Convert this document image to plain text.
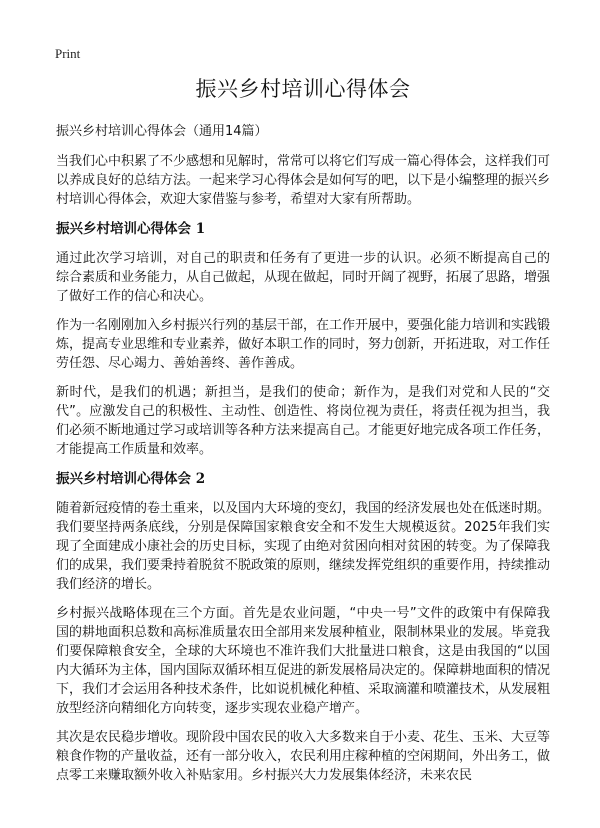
Print
振兴乡村培训心得体会
振兴乡村培训心得体会（通用14篇）

当我们心中积累了不少感想和见解时，常常可以将它们写成一篇心得体会，这样我们可以养成良好的总结方法。一起来学习心得体会是如何写的吧，以下是小编整理的振兴乡村培训心得体会，欢迎大家借鉴与参考，希望对大家有所帮助。

振兴乡村培训心得体会 1

通过此次学习培训，对自己的职责和任务有了更进一步的认识。必须不断提高自己的 综合素质和业务能力，从自己做起，从现在做起，同时开阔了视野，拓展了思路，增强了做好工作的信心和决心。

作为一名刚刚加入乡村振兴行列的基层干部，在工作开展中，要强化能力培训和实践锻炼，提高专业思维和专业素养，做好本职工作的同时，努力创新，开拓进取，对工作任劳任怨、尽心竭力、善始善终、善作善成。

新时代，是我们的机遇；新担当，是我们的使命；新作为，是我们对党和人民的“交代”。应激发自己的积极性、主动性、创造性、将岗位视为责任，将责任视为担当，我们必须不断地通过学习或培训等各种方法来提高自己。才能更好地完成各项工作任务，才能提高工作质量和效率。

振兴乡村培训心得体会 2

随着新冠疫情的卷土重来，以及国内大环境的变幻，我国的经济发展也处在低迷时期。我们要坚持两条底线，分别是保障国家粮食安全和不发生大规模返贫。2025年我们实现了全面建成小康社会的历史目标，实现了由绝对贫困向相对贫困的转变。为了保障我们的成果，我们要秉持着脱贫不脱政策的原则，继续发挥党组织的重要作用，持续推动我们经济的增长。

乡村振兴战略体现在三个方面。首先是农业问题，“中央一号”文件的政策中有保障我国的耕地面积总数和高标准质量农田全部用来发展种植业，限制林果业的发展。毕竟我们要保障粮食安全，全球的大环境也不准许我们大批量进口粮食，这是由我国的“以国内大循环为主体，国内国际双循环相互促进的新发展格局决定的。保障耕地面积的情况下，我们才会运用各种技术条件，比如说机械化种植、采取滴灌和喷灌技术，从发展粗放型经济向精细化方向转变，逐步实现农业稳产增产。

其次是农民稳步增收。现阶段中国农民的收入大多数来自于小麦、花生、玉米、大豆等粮食作物的产量收益，还有一部分收入，农民利用庄稼种植的空闲期间，外出务工，做点零工来赚取额外收入补贴家用。乡村振兴大力发展集体经济，未来农民
